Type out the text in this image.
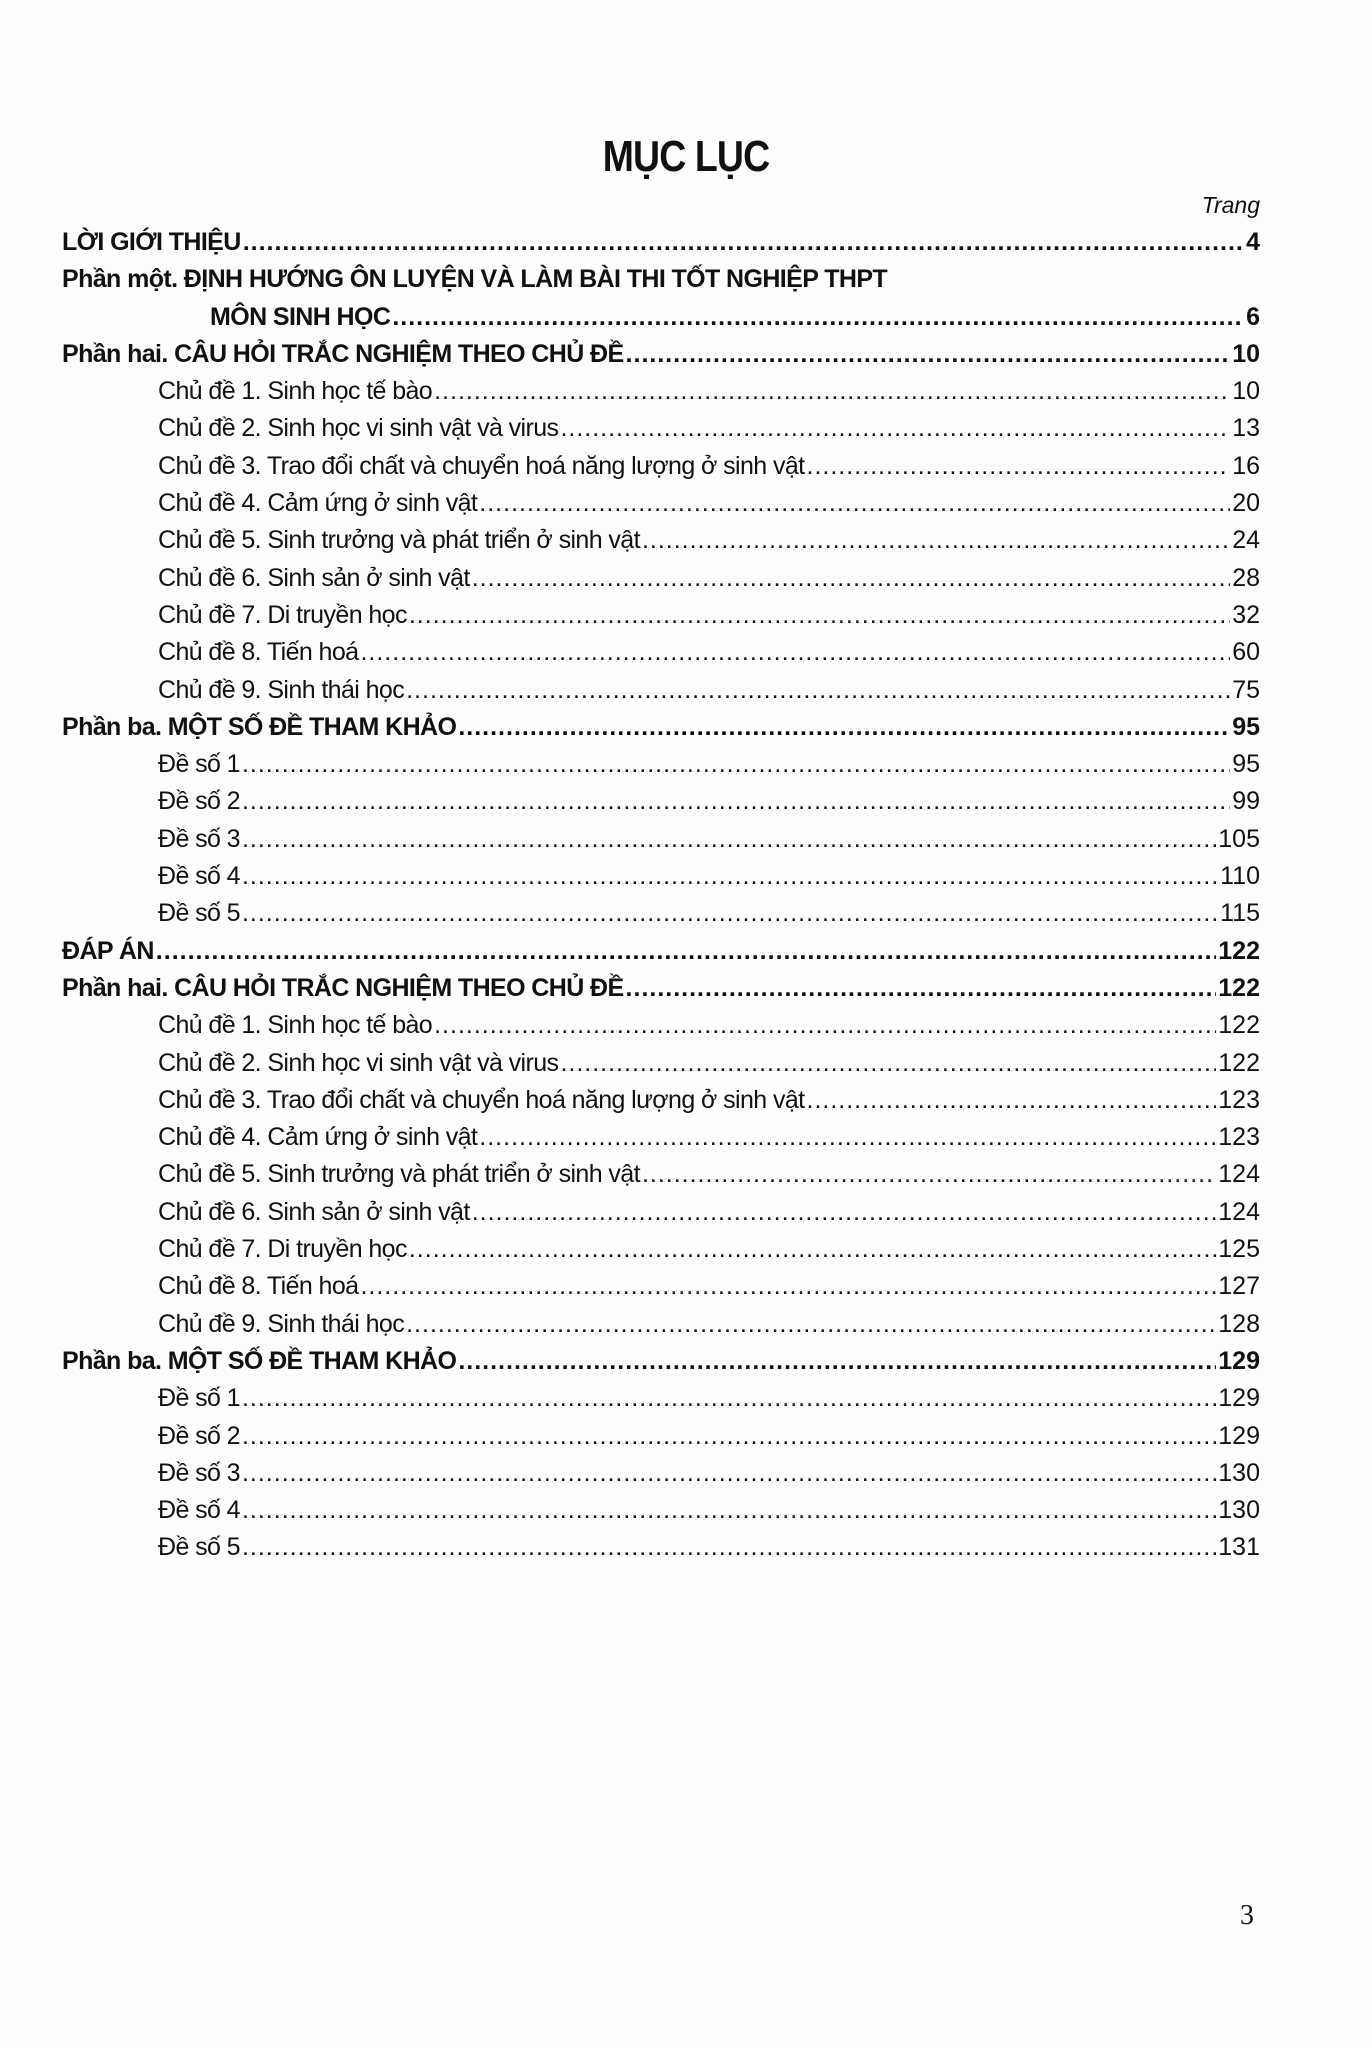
MỤC LỤC
Trang
LỜI GIỚI THIỆU .....	4
Phần một. ĐỊNH HƯỚNG ÔN LUYỆN VÀ LÀM BÀI THI TỐT NGHIỆP THPT
MÔN SINH HỌC .....	6
Phần hai. CÂU HỎI TRẮC NGHIỆM THEO CHỦ ĐỀ .....	10
Chủ đề 1. Sinh học tế bào .....	10
Chủ đề 2. Sinh học vi sinh vật và virus .....	13
Chủ đề 3. Trao đổi chất và chuyển hoá năng lượng ở sinh vật .....	16
Chủ đề 4. Cảm ứng ở sinh vật .....	20
Chủ đề 5. Sinh trưởng và phát triển ở sinh vật .....	24
Chủ đề 6. Sinh sản ở sinh vật .....	28
Chủ đề 7. Di truyền học .....	32
Chủ đề 8. Tiến hoá .....	60
Chủ đề 9. Sinh thái học .....	75
Phần ba. MỘT SỐ ĐỀ THAM KHẢO .....	95
Đề số 1 .....	95
Đề số 2 .....	99
Đề số 3 .....	105
Đề số 4 .....	110
Đề số 5 .....	115
ĐÁP ÁN .....	122
Phần hai. CÂU HỎI TRẮC NGHIỆM THEO CHỦ ĐỀ .....	122
Chủ đề 1. Sinh học tế bào .....	122
Chủ đề 2. Sinh học vi sinh vật và virus .....	122
Chủ đề 3. Trao đổi chất và chuyển hoá năng lượng ở sinh vật .....	123
Chủ đề 4. Cảm ứng ở sinh vật .....	123
Chủ đề 5. Sinh trưởng và phát triển ở sinh vật .....	124
Chủ đề 6. Sinh sản ở sinh vật .....	124
Chủ đề 7. Di truyền học .....	125
Chủ đề 8. Tiến hoá .....	127
Chủ đề 9. Sinh thái học .....	128
Phần ba. MỘT SỐ ĐỀ THAM KHẢO .....	129
Đề số 1 .....	129
Đề số 2 .....	129
Đề số 3 .....	130
Đề số 4 .....	130
Đề số 5 .....	131
3
